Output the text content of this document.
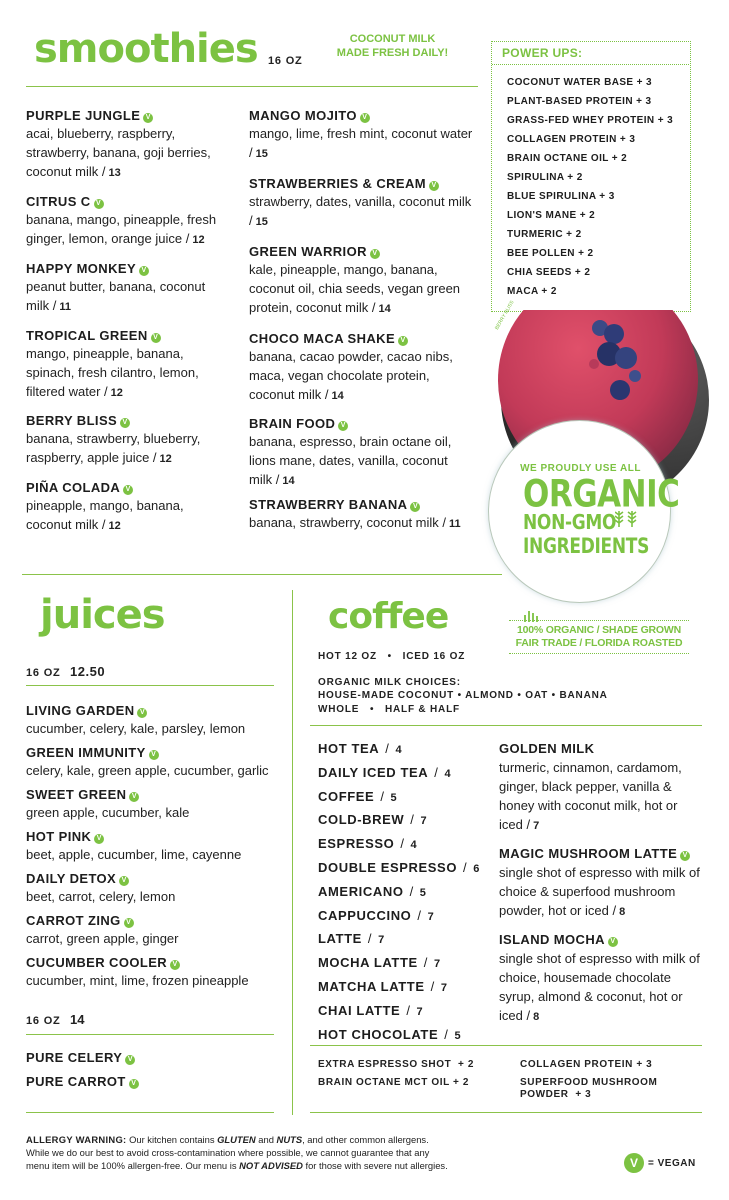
smoothies 16 OZ
COCONUT MILK
MADE FRESH DAILY!
PURPLE JUNGLE V
acai, blueberry, raspberry, strawberry, banana, goji berries, coconut milk / 13
CITRUS C V
banana, mango, pineapple, fresh ginger, lemon, orange juice / 12
HAPPY MONKEY V
peanut butter, banana, coconut milk / 11
TROPICAL GREEN V
mango, pineapple, banana, spinach, fresh cilantro, lemon, filtered water / 12
BERRY BLISS V
banana, strawberry, blueberry, raspberry, apple juice / 12
PIÑA COLADA V
pineapple, mango, banana, coconut milk / 12
MANGO MOJITO V
mango, lime, fresh mint, coconut water / 15
STRAWBERRIES & CREAM V
strawberry, dates, vanilla, coconut milk / 15
GREEN WARRIOR V
kale, pineapple, mango, banana, coconut oil, chia seeds, vegan green protein, coconut milk / 14
CHOCO MACA SHAKE V
banana, cacao powder, cacao nibs, maca, vegan chocolate protein, coconut milk / 14
BRAIN FOOD V
banana, espresso, brain octane oil, lions mane, dates, vanilla, coconut milk / 14
STRAWBERRY BANANA V
banana, strawberry, coconut milk / 11
POWER UPS:
COCONUT WATER BASE + 3
PLANT-BASED PROTEIN + 3
GRASS-FED WHEY PROTEIN + 3
COLLAGEN PROTEIN + 3
BRAIN OCTANE OIL + 2
SPIRULINA + 2
BLUE SPIRULINA + 3
LION'S MANE + 2
TURMERIC + 2
BEE POLLEN + 2
CHIA SEEDS + 2
MACA + 2
BERRY BLISS
WE PROUDLY USE ALL
ORGANIC
NON-GMO
INGREDIENTS
juices
16 OZ 12.50
LIVING GARDEN V
cucumber, celery, kale, parsley, lemon
GREEN IMMUNITY V
celery, kale, green apple, cucumber, garlic
SWEET GREEN V
green apple, cucumber, kale
HOT PINK V
beet, apple, cucumber, lime, cayenne
DAILY DETOX V
beet, carrot, celery, lemon
CARROT ZING V
carrot, green apple, ginger
CUCUMBER COOLER V
cucumber, mint, lime, frozen pineapple
16 OZ 14
PURE CELERY V
PURE CARROT V
coffee	100% ORGANIC / SHADE GROWN
FAIR TRADE / FLORIDA ROASTED
HOT 12 OZ   •   ICED 16 OZ
ORGANIC MILK CHOICES:
HOUSE-MADE COCONUT • ALMOND • OAT • BANANA
WHOLE   •   HALF & HALF
HOT TEA / 4
DAILY ICED TEA / 4
COFFEE / 5
COLD-BREW / 7
ESPRESSO / 4
DOUBLE ESPRESSO / 6
AMERICANO / 5
CAPPUCCINO / 7
LATTE / 7
MOCHA LATTE / 7
MATCHA LATTE / 7
CHAI LATTE / 7
HOT CHOCOLATE / 5
GOLDEN MILK
turmeric, cinnamon, cardamom, ginger, black pepper, vanilla & honey with coconut milk, hot or iced / 7
MAGIC MUSHROOM LATTE V
single shot of espresso with milk of choice & superfood mushroom powder, hot or iced / 8
ISLAND MOCHA V
single shot of espresso with milk of choice, housemade chocolate syrup, almond & coconut, hot or iced / 8
EXTRA ESPRESSO SHOT  + 2
BRAIN OCTANE MCT OIL + 2
COLLAGEN PROTEIN + 3
SUPERFOOD MUSHROOM POWDER  + 3
ALLERGY WARNING: Our kitchen contains GLUTEN and NUTS, and other common allergens.
While we do our best to avoid cross-contamination where possible, we cannot guarantee that any
menu item will be 100% allergen-free. Our menu is NOT ADVISED for those with severe nut allergies.	V	= VEGAN
